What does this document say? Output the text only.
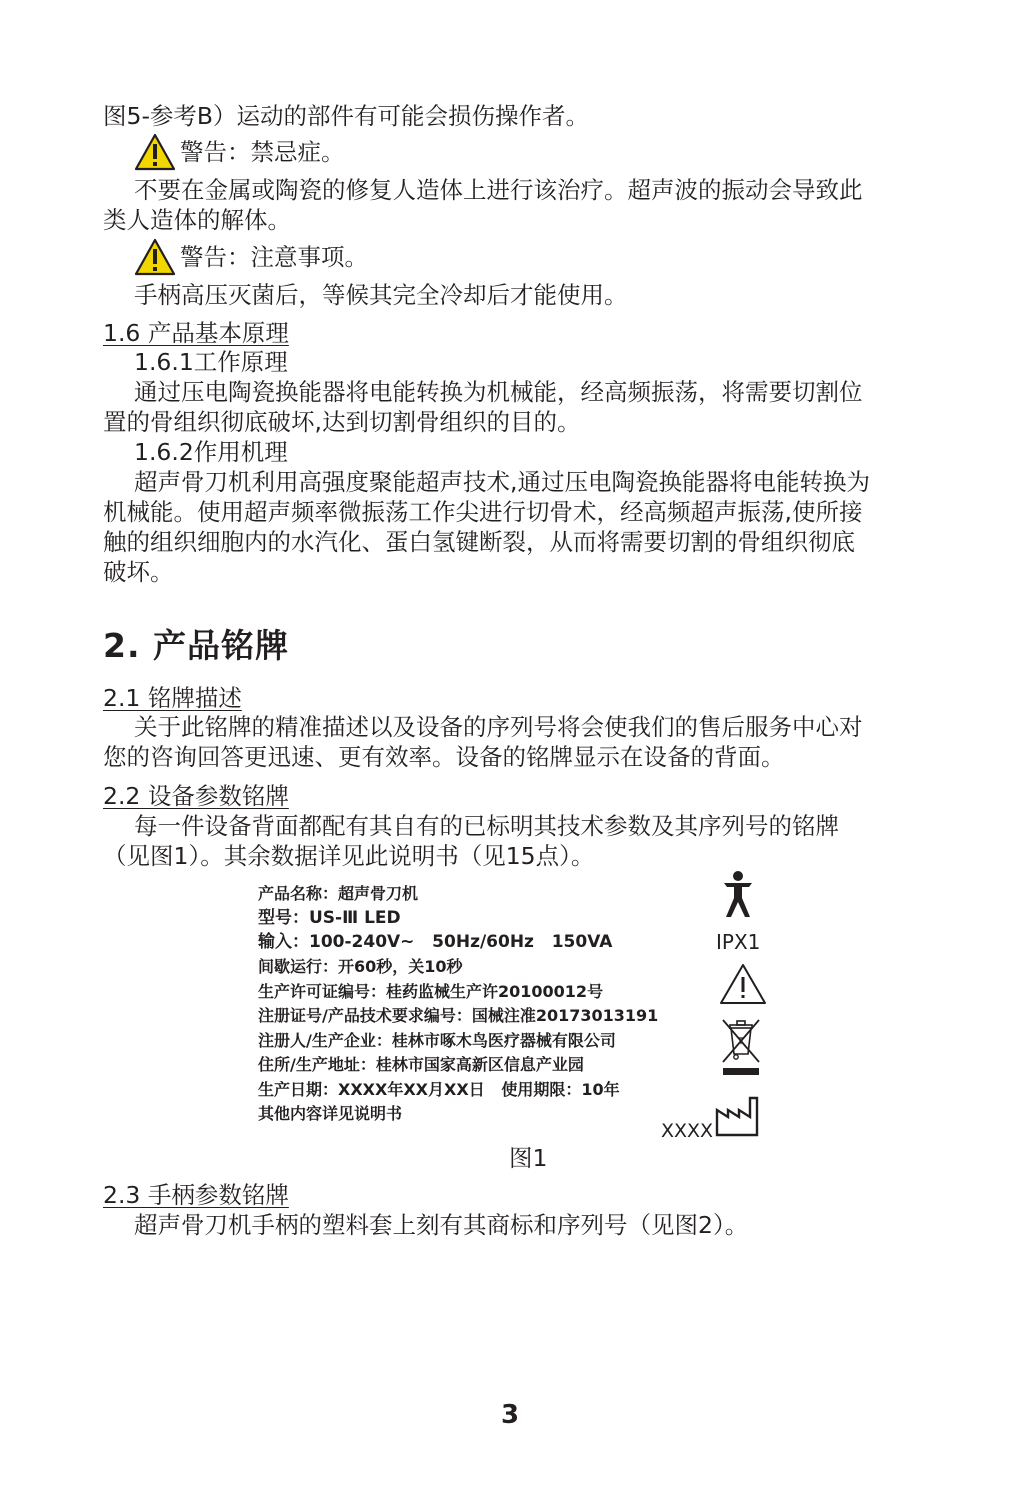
图5-参考B）运动的部件有可能会损伤操作者。

警告：禁忌症。

不要在金属或陶瓷的修复人造体上进行该治疗。超声波的振动会导致此

类人造体的解体。

警告：注意事项。

手柄高压灭菌后，等候其完全冷却后才能使用。

1.6 产品基本原理

1.6.1工作原理

通过压电陶瓷换能器将电能转换为机械能，经高频振荡，将需要切割位

置的骨组织彻底破坏,达到切割骨组织的目的。

1.6.2作用机理

超声骨刀机利用高强度聚能超声技术,通过压电陶瓷换能器将电能转换为

机械能。使用超声频率微振荡工作尖进行切骨术，经高频超声振荡,使所接

触的组织细胞内的水汽化、蛋白氢键断裂，从而将需要切割的骨组织彻底

破坏。

2. 产品铭牌

2.1 铭牌描述

关于此铭牌的精准描述以及设备的序列号将会使我们的售后服务中心对

您的咨询回答更迅速、更有效率。设备的铭牌显示在设备的背面。

2.2 设备参数铭牌

每一件设备背面都配有其自有的已标明其技术参数及其序列号的铭牌

（见图1）。其余数据详见此说明书（见15点）。

产品名称：超声骨刀机
型号：US-Ⅲ LED
输入：100-240V~   50Hz/60Hz   150VA
间歇运行：开60秒，关10秒
生产许可证编号：桂药监械生产许20100012号
注册证号/产品技术要求编号：国械注准20173013191
注册人/生产企业：桂林市啄木鸟医疗器械有限公司
住所/生产地址：桂林市国家高新区信息产业园
生产日期：XXXX年XX月XX日   使用期限：10年
其他内容详见说明书
IPX1
XXXX

图1

2.3 手柄参数铭牌

超声骨刀机手柄的塑料套上刻有其商标和序列号（见图2）。

3
